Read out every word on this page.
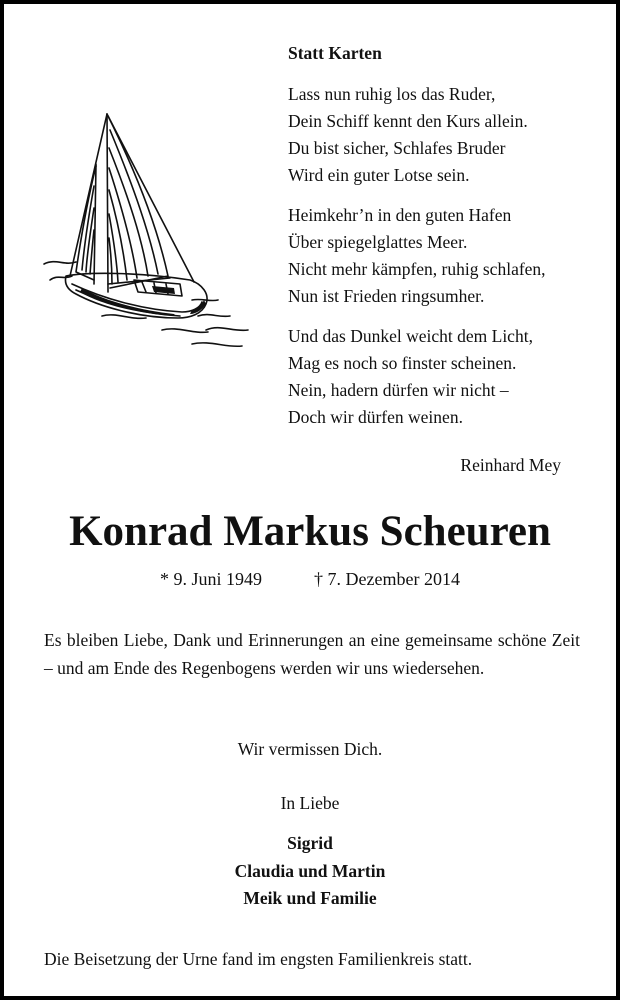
Statt Karten
Lass nun ruhig los das Ruder,
Dein Schiff kennt den Kurs allein.
Du bist sicher, Schlafes Bruder
Wird ein guter Lotse sein.
Heimkehr’n in den guten Hafen
Über spiegelglattes Meer.
Nicht mehr kämpfen, ruhig schlafen,
Nun ist Frieden ringsumher.
Und das Dunkel weicht dem Licht,
Mag es noch so finster scheinen.
Nein, hadern dürfen wir nicht –
Doch wir dürfen weinen.
Reinhard Mey
Konrad Markus Scheuren
* 9. Juni 1949	† 7. Dezember 2014
Es bleiben Liebe, Dank und Erinnerungen an eine gemeinsame schöne Zeit – und am Ende des Regenbogens werden wir uns wiedersehen.
Wir vermissen Dich.
In Liebe
Sigrid
Claudia und Martin
Meik und Familie
Die Beisetzung der Urne fand im engsten Familienkreis statt.
